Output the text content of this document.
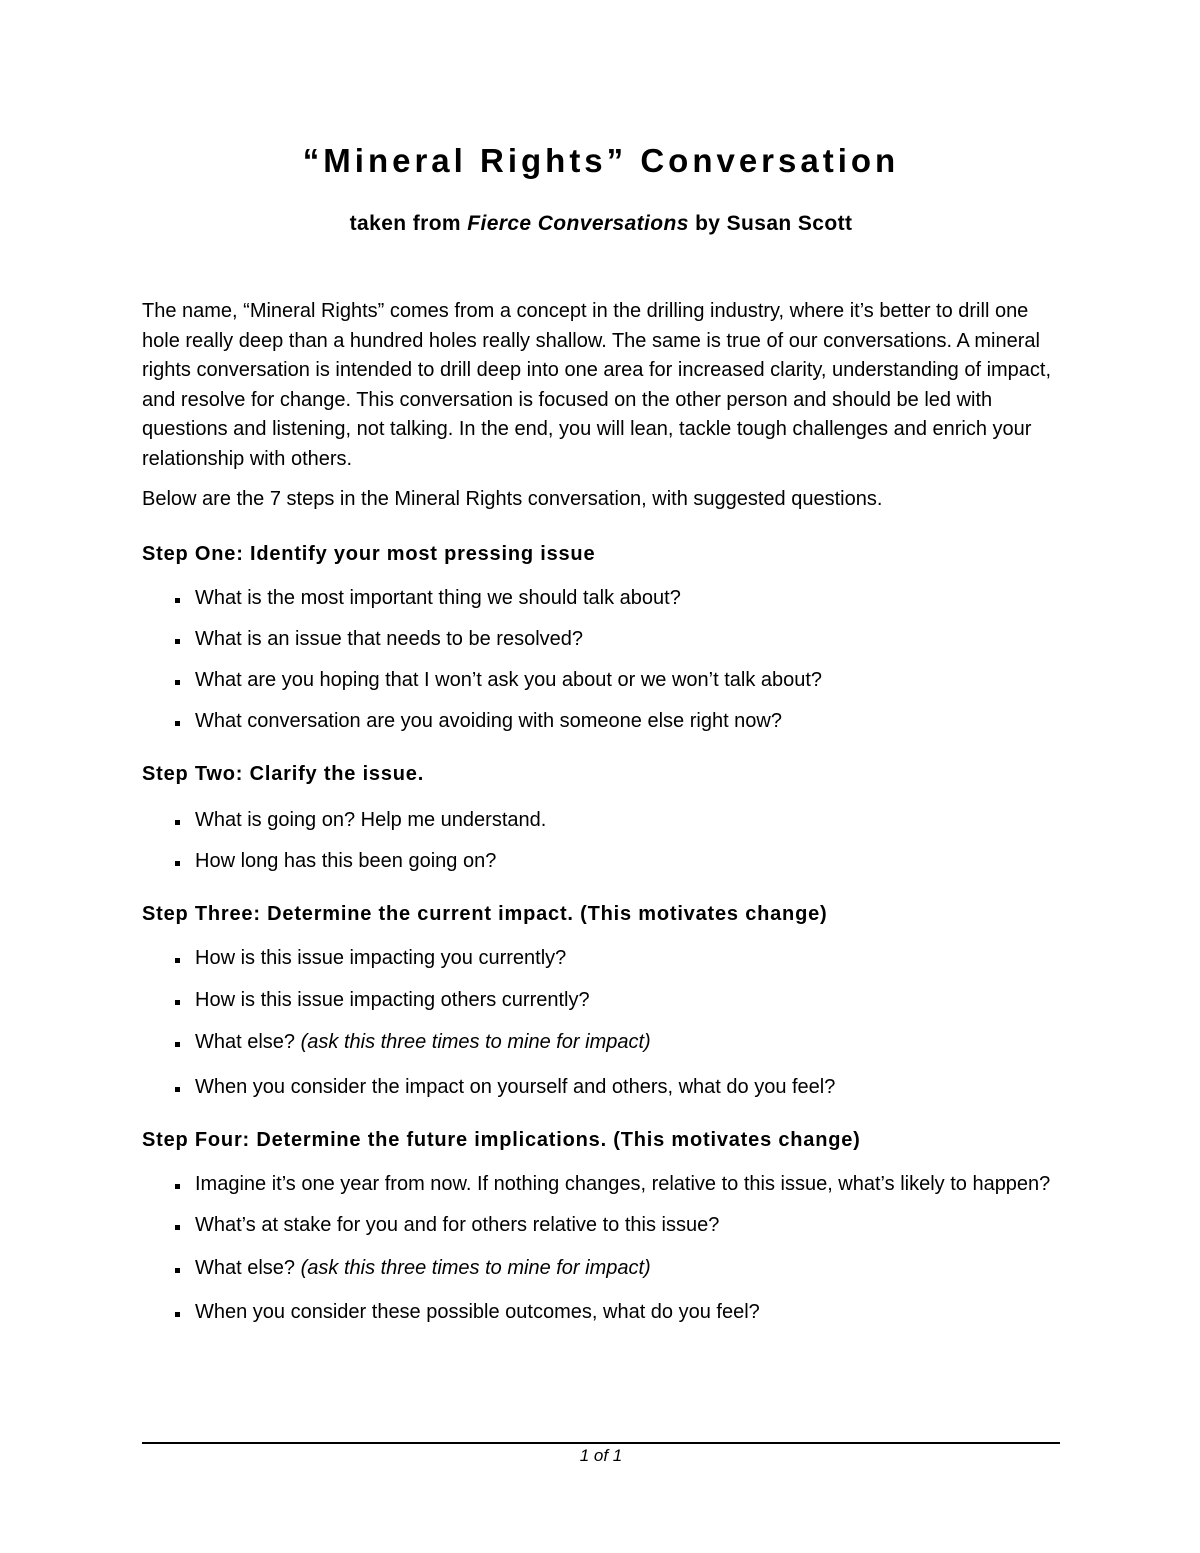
“Mineral Rights” Conversation

taken from Fierce Conversations by Susan Scott

The name, “Mineral Rights” comes from a concept in the drilling industry, where it’s better to drill one hole really deep than a hundred holes really shallow. The same is true of our conversations. A mineral rights conversation is intended to drill deep into one area for increased clarity, understanding of impact, and resolve for change. This conversation is focused on the other person and should be led with questions and listening, not talking. In the end, you will lean, tackle tough challenges and enrich your relationship with others.

Below are the 7 steps in the Mineral Rights conversation, with suggested questions.

Step One: Identify your most pressing issue
What is the most important thing we should talk about?
What is an issue that needs to be resolved?
What are you hoping that I won’t ask you about or we won’t talk about?
What conversation are you avoiding with someone else right now?
Step Two: Clarify the issue.
What is going on? Help me understand.
How long has this been going on?
Step Three: Determine the current impact. (This motivates change)
How is this issue impacting you currently?
How is this issue impacting others currently?
What else? (ask this three times to mine for impact)
When you consider the impact on yourself and others, what do you feel?
Step Four: Determine the future implications. (This motivates change)
Imagine it’s one year from now. If nothing changes, relative to this issue, what’s likely to happen?
What’s at stake for you and for others relative to this issue?
What else? (ask this three times to mine for impact)
When you consider these possible outcomes, what do you feel?

1 of 1
